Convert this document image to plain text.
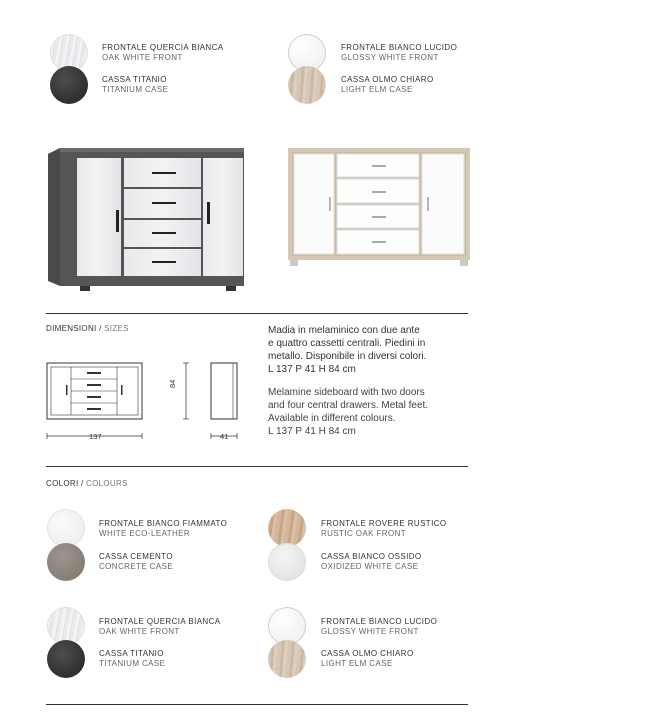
FRONTALE QUERCIA BIANCA
OAK WHITE FRONT
CASSA TITANIO
TITANIUM CASE
FRONTALE BIANCO LUCIDO
GLOSSY WHITE FRONT
CASSA OLMO CHIARO
LIGHT ELM CASE
DIMENSIONI / SIZES
137
84
41
Madia in melaminico con due ante
e quattro cassetti centrali. Piedini in
metallo. Disponibile in diversi colori.
L 137 P 41 H 84 cm
Melamine sideboard with two doors
and four central drawers. Metal feet.
Available in different colours.
L 137 P 41 H 84 cm
COLORI / COLOURS
FRONTALE BIANCO FIAMMATO
WHITE ECO-LEATHER
CASSA CEMENTO
CONCRETE CASE
FRONTALE ROVERE RUSTICO
RUSTIC OAK FRONT
CASSA BIANCO OSSIDO
OXIDIZED WHITE CASE
FRONTALE QUERCIA BIANCA
OAK WHITE FRONT
CASSA TITANIO
TITANIUM CASE
FRONTALE BIANCO LUCIDO
GLOSSY WHITE FRONT
CASSA OLMO CHIARO
LIGHT ELM CASE
